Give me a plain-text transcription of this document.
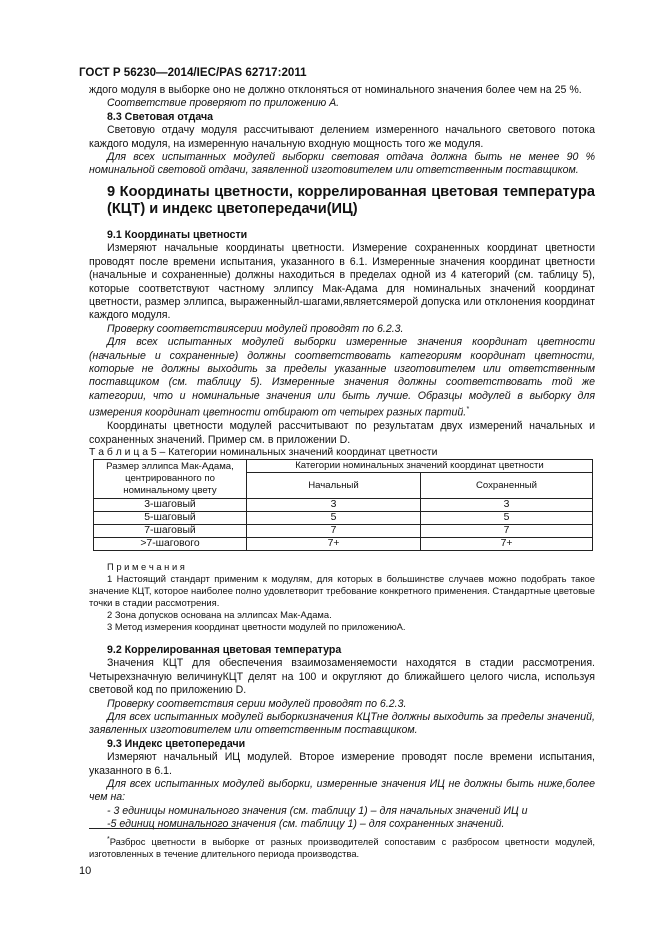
ГОСТ Р 56230—2014/IEC/PAS 62717:2011

ждого модуля в выборке оно не должно отклоняться от номинального значения более чем на 25 %.

Соответствие проверяют по приложению А.

8.3 Световая отдача

Световую отдачу модуля рассчитывают делением измеренного начального светового потока каждого модуля, на измеренную начальную входную мощность того же модуля.

Для всех испытанных модулей выборки световая отдача должна быть не менее 90 % номинальной световой отдачи, заявленной изготовителем или ответственным поставщиком.

9 Координаты цветности, коррелированная цветовая температура (КЦТ) и индекс цветопередачи(ИЦ)

9.1 Координаты цветности

Измеряют начальные координаты цветности. Измерение сохраненных координат цветности проводят после времени испытания, указанного в 6.1. Измеренные значения координат цветности (начальные и сохраненные) должны находиться в пределах одной из 4 категорий (см. таблицу 5), которые соответствуют частному эллипсу Мак-Адама для номинальных значений координат цветности, размер эллипса, выраженныйл-шагами,являетсямерой допуска или отклонения координат каждого модуля.

Проверку соответствиясерии модулей проводят по 6.2.3.

Для всех испытанных модулей выборки измеренные значения координат цветности (начальные и сохраненные) должны соответствовать категориям координат цветности, которые не должны выходить за пределы указанные изготовителем или ответственным поставщиком (см. таблицу 5). Измеренные значения должны соответствовать той же категории, что и номинальные значения или быть лучше. Образцы модулей в выборку для измерения координат цветности отбирают от четырех разных партий.*

Координаты цветности модулей рассчитывают по результатам двух измерений начальных и сохраненных значений. Пример см. в приложении D.

Т а б л и ц а 5 – Категории номинальных значений координат цветности
Размер эллипса Мак-Адама, центрированного по номинальному цвету	Категории номинальных значений координат цветности	
	Начальный	Сохраненный
3-шаговый	3	3
5-шаговый	5	5
7-шаговый	7	7
>7-шагового	7+	7+

П р и м е ч а н и я

1 Настоящий стандарт применим к модулям, для которых в большинстве случаев можно подобрать такое значение КЦТ, которое наиболее полно удовлетворит требование конкретного применения. Стандартные цветовые точки в стадии рассмотрения.

2 Зона допусков основана на эллипсах Мак-Адама.

3 Метод измерения координат цветности модулей по приложениюА.

9.2 Коррелированная цветовая температура

Значения КЦТ для обеспечения взаимозаменяемости находятся в стадии рассмотрения. Четырехзначную величинуКЦТ делят на 100 и округляют до ближайшего целого числа, используя световой код по приложению D.

Проверку соответствия серии модулей проводят по 6.2.3.

Для всех испытанных модулей выборкизначения КЦТне должны выходить за пределы значений, заявленных изготовителем или ответственным поставщиком.

9.3 Индекс цветопередачи

Измеряют начальный ИЦ модулей. Второе измерение проводят после времени испытания, указанного в 6.1.

Для всех испытанных модулей выборки, измеренные значения ИЦ не должны быть ниже,более чем на:

- 3 единицы номинального значения (см. таблицу 1) – для начальных значений ИЦ и

-5 единиц номинального значения (см. таблицу 1) – для сохраненных значений.

*Разброс цветности в выборке от разных производителей сопоставим с разбросом цветности модулей, изготовленных в течение длительного периода производства.

10
